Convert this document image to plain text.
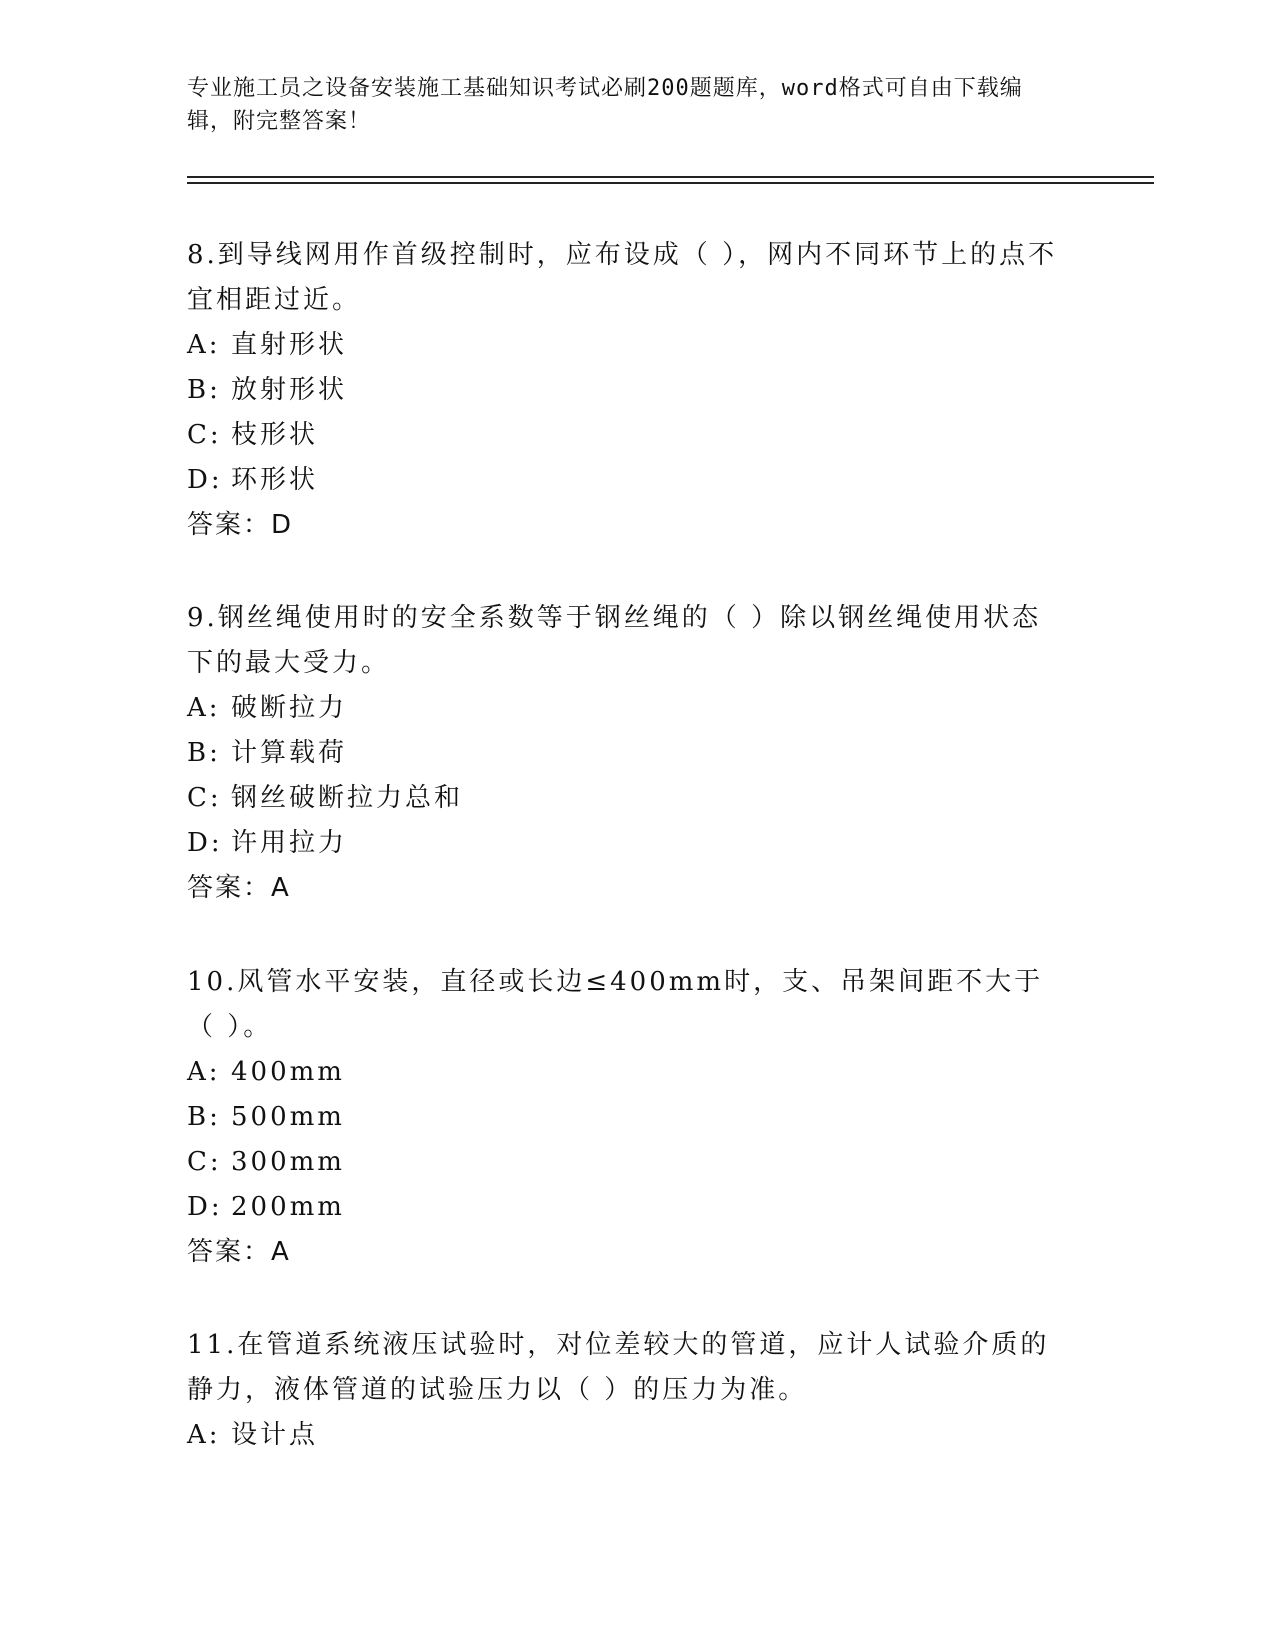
专业施工员之设备安装施工基础知识考试必刷200题题库，word格式可自由下载编辑，附完整答案！

8.到导线网用作首级控制时，应布设成（ ），网内不同环节上的点不宜相距过近。

A: 直射形状

B: 放射形状

C: 枝形状

D: 环形状

答案：D

9.钢丝绳使用时的安全系数等于钢丝绳的（ ）除以钢丝绳使用状态下的最大受力。

A: 破断拉力

B: 计算载荷

C: 钢丝破断拉力总和

D: 许用拉力

答案：A

10.风管水平安装，直径或长边≤400mm时，支、吊架间距不大于（ ）。

A: 400mm

B: 500mm

C: 300mm

D: 200mm

答案：A

11.在管道系统液压试验时，对位差较大的管道，应计人试验介质的静力，液体管道的试验压力以（ ）的压力为准。

A: 设计点
